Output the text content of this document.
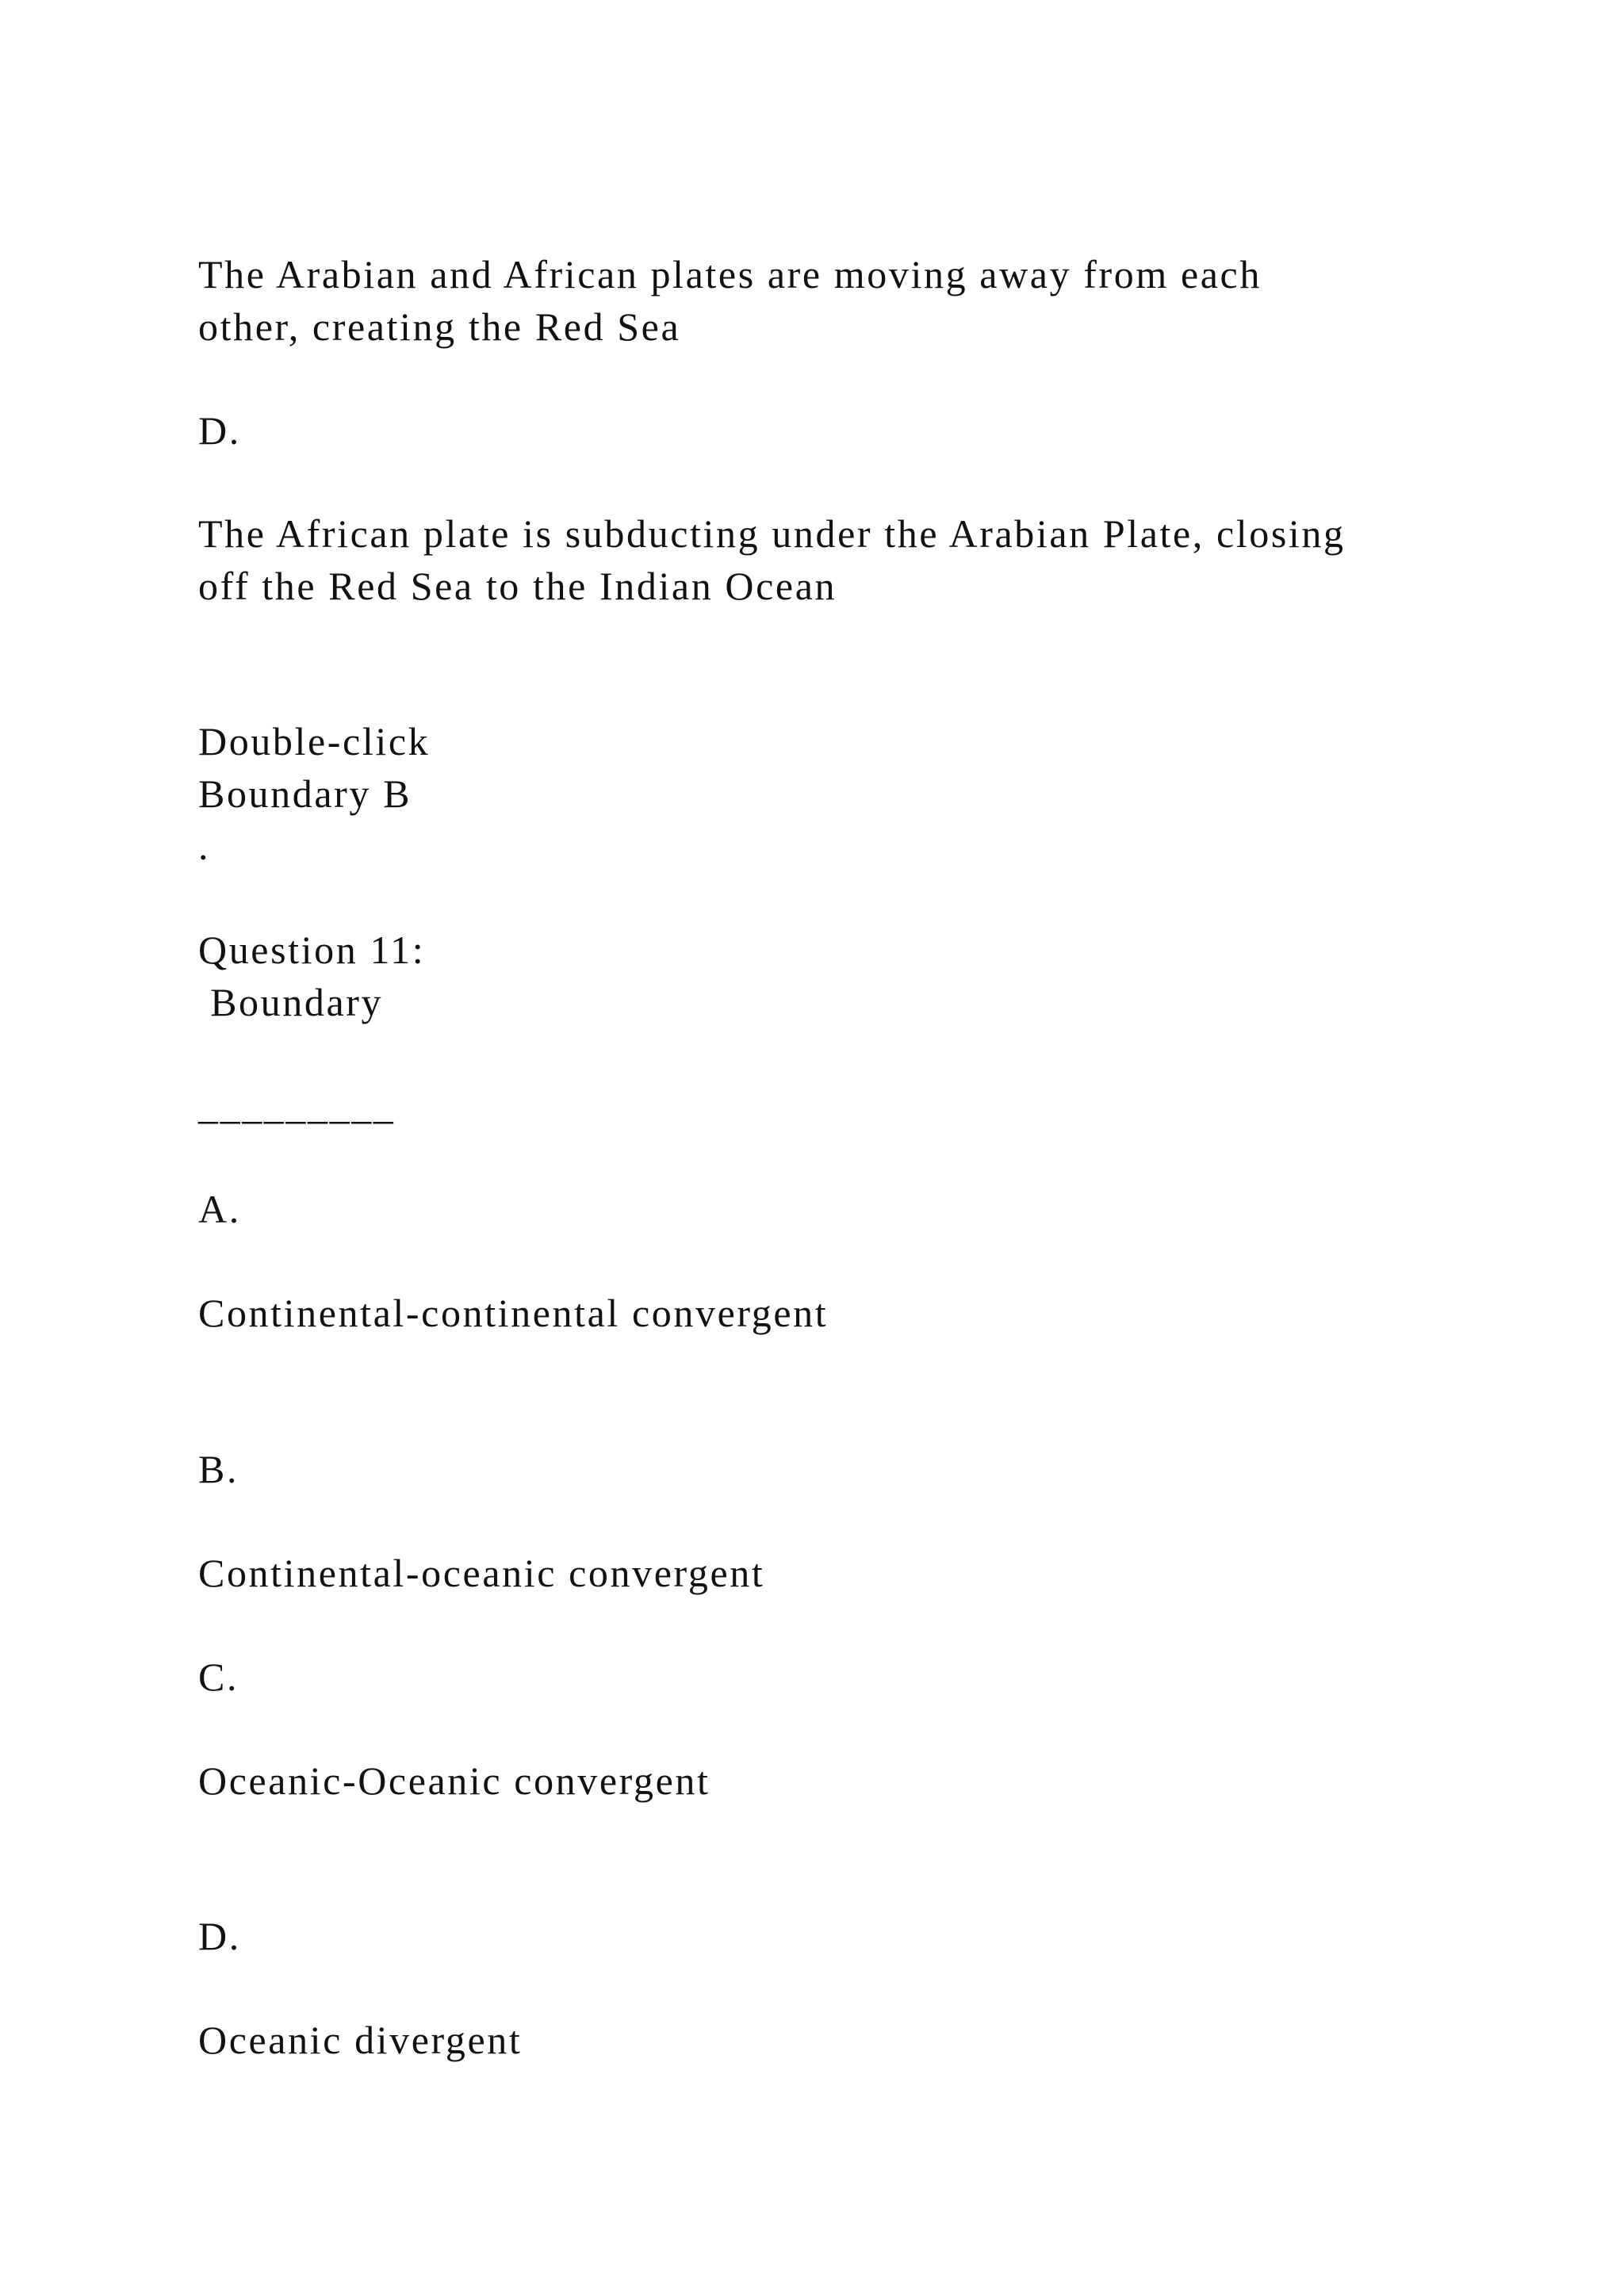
The Arabian and African plates are moving away from each

other, creating the Red Sea

D.

The African plate is subducting under the Arabian Plate, closing

off the Red Sea to the Indian Ocean

Double-click

Boundary B

.

Question 11:

Boundary

_________

A.

Continental-continental convergent

B.

Continental-oceanic convergent

C.

Oceanic-Oceanic convergent

D.

Oceanic divergent
